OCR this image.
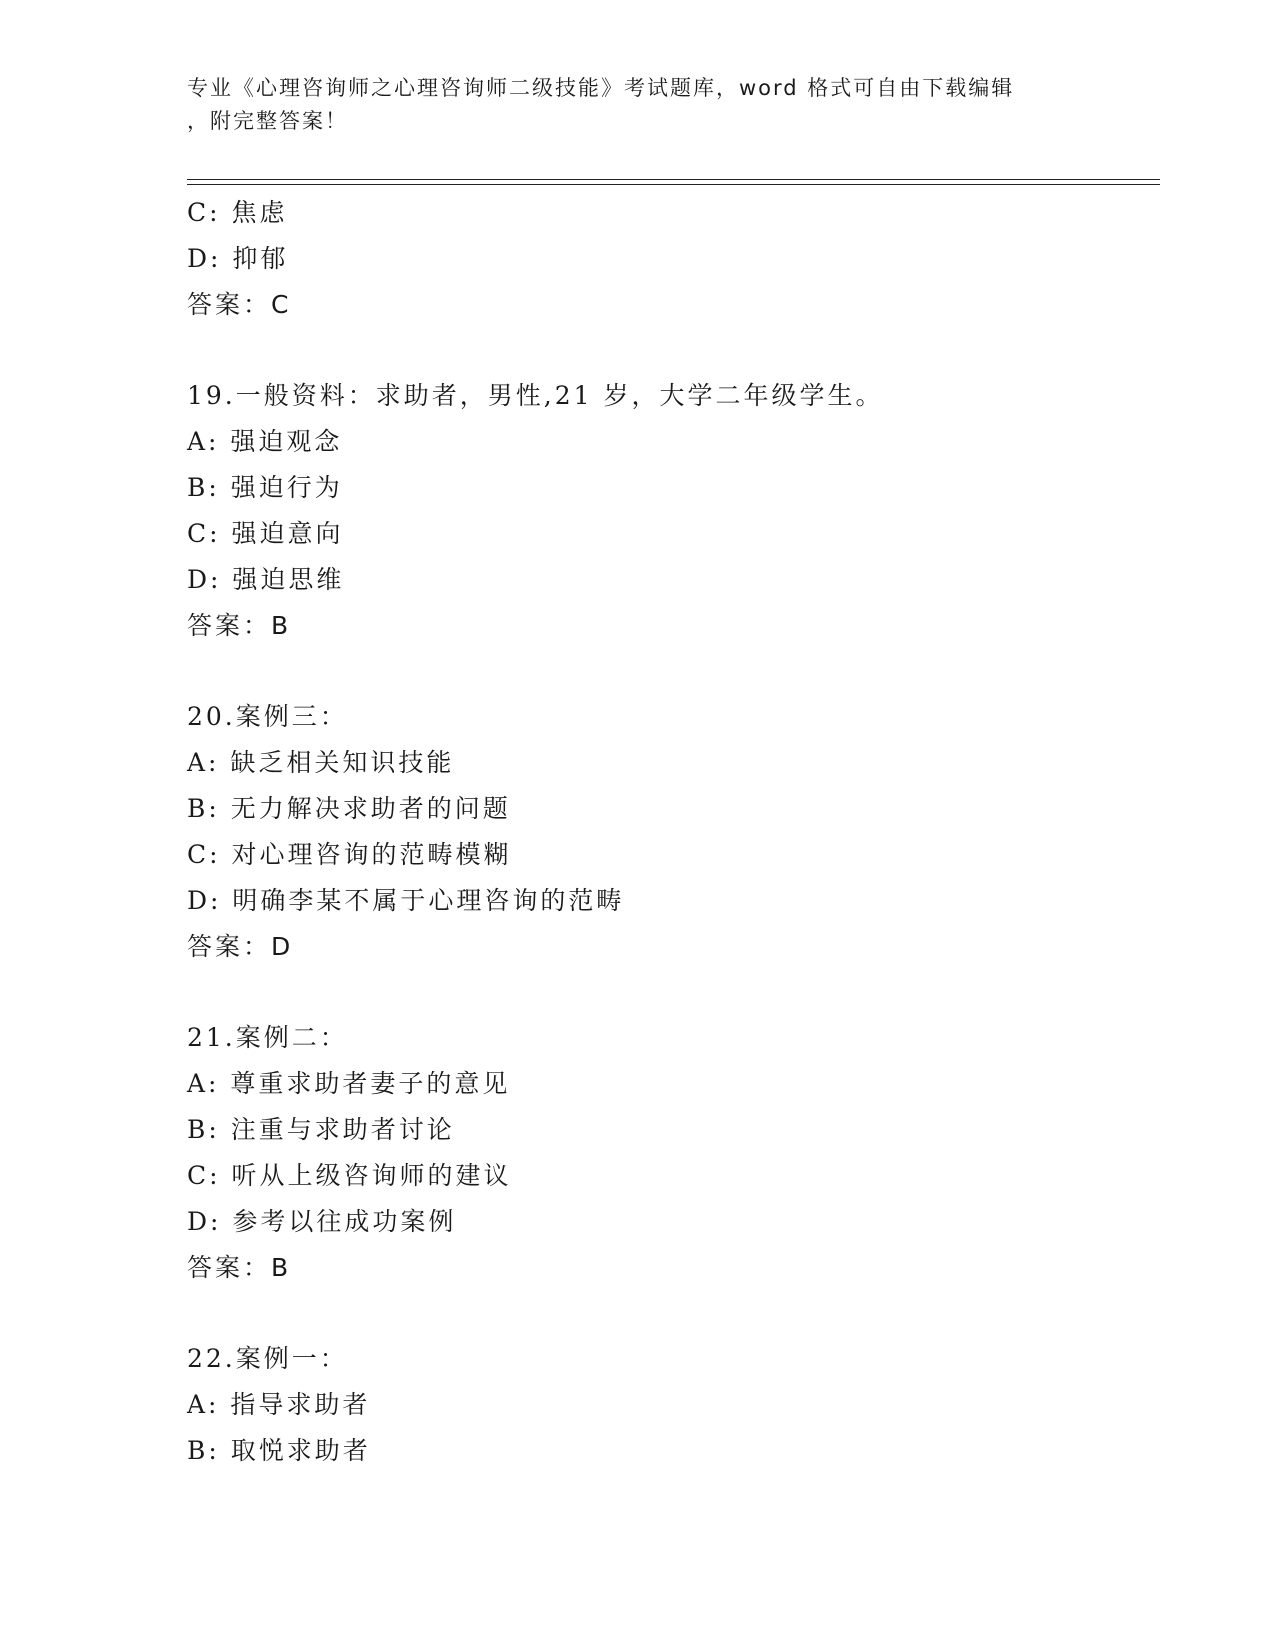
专业《心理咨询师之心理咨询师二级技能》考试题库，word 格式可自由下载编辑
，附完整答案！
C: 焦虑
D: 抑郁
答案：C
19.一般资料：求助者，男性,21 岁，大学二年级学生。
A: 强迫观念
B: 强迫行为
C: 强迫意向
D: 强迫思维
答案：B
20.案例三：
A: 缺乏相关知识技能
B: 无力解决求助者的问题
C: 对心理咨询的范畴模糊
D: 明确李某不属于心理咨询的范畴
答案：D
21.案例二：
A: 尊重求助者妻子的意见
B: 注重与求助者讨论
C: 听从上级咨询师的建议
D: 参考以往成功案例
答案：B
22.案例一：
A: 指导求助者
B: 取悦求助者
